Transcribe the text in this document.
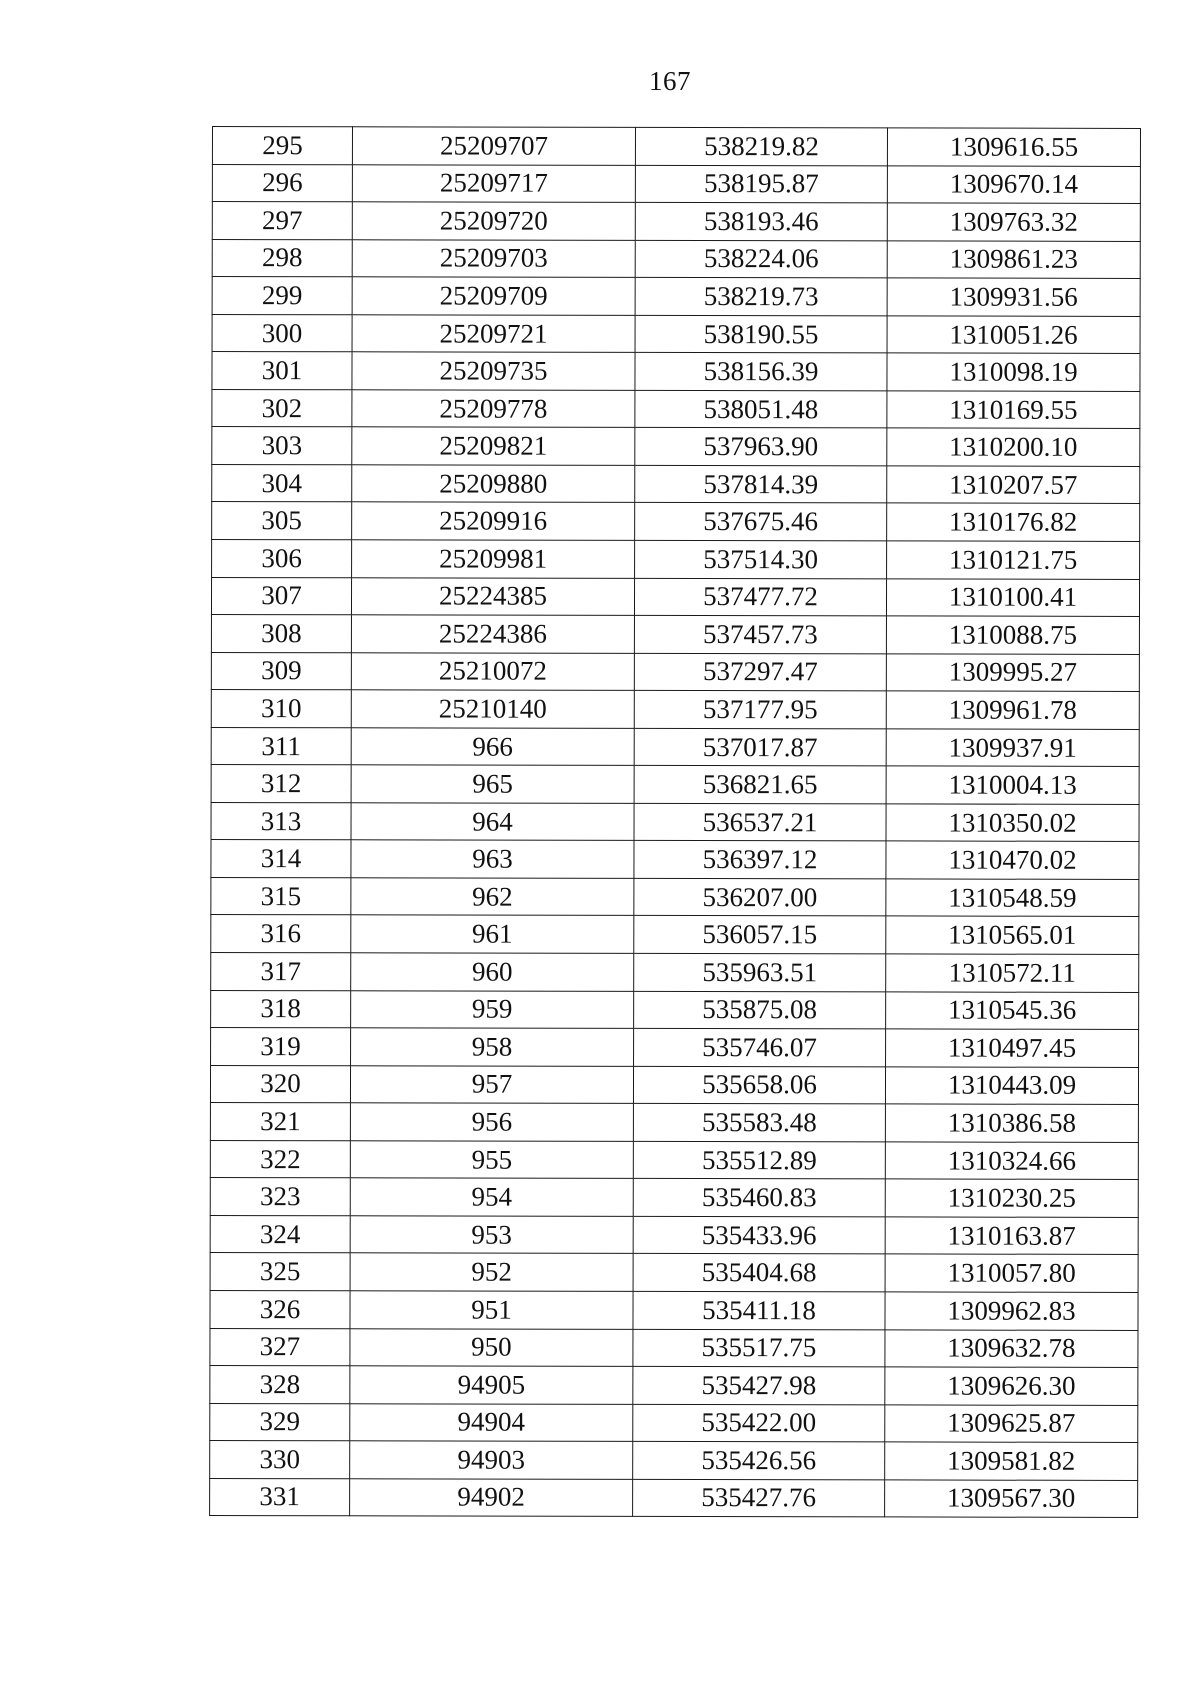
167
295	25209707	538219.82	1309616.55
296	25209717	538195.87	1309670.14
297	25209720	538193.46	1309763.32
298	25209703	538224.06	1309861.23
299	25209709	538219.73	1309931.56
300	25209721	538190.55	1310051.26
301	25209735	538156.39	1310098.19
302	25209778	538051.48	1310169.55
303	25209821	537963.90	1310200.10
304	25209880	537814.39	1310207.57
305	25209916	537675.46	1310176.82
306	25209981	537514.30	1310121.75
307	25224385	537477.72	1310100.41
308	25224386	537457.73	1310088.75
309	25210072	537297.47	1309995.27
310	25210140	537177.95	1309961.78
311	966	537017.87	1309937.91
312	965	536821.65	1310004.13
313	964	536537.21	1310350.02
314	963	536397.12	1310470.02
315	962	536207.00	1310548.59
316	961	536057.15	1310565.01
317	960	535963.51	1310572.11
318	959	535875.08	1310545.36
319	958	535746.07	1310497.45
320	957	535658.06	1310443.09
321	956	535583.48	1310386.58
322	955	535512.89	1310324.66
323	954	535460.83	1310230.25
324	953	535433.96	1310163.87
325	952	535404.68	1310057.80
326	951	535411.18	1309962.83
327	950	535517.75	1309632.78
328	94905	535427.98	1309626.30
329	94904	535422.00	1309625.87
330	94903	535426.56	1309581.82
331	94902	535427.76	1309567.30
